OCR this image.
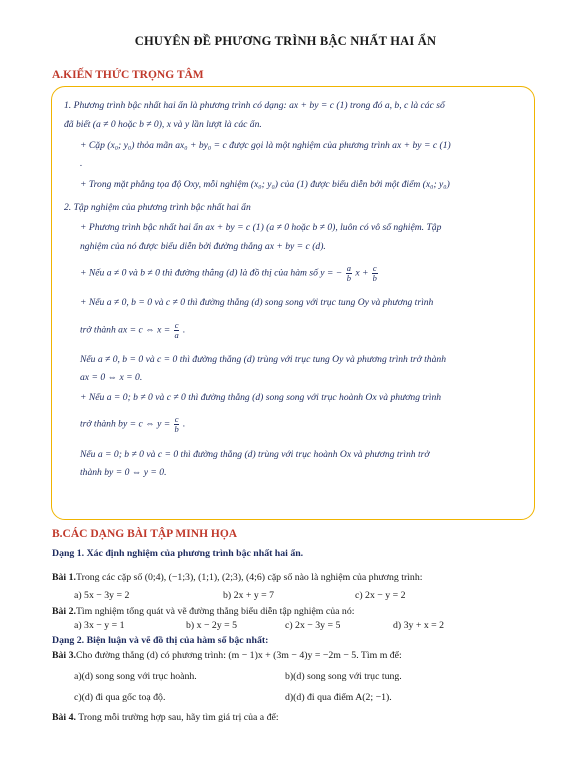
CHUYÊN ĐỀ PHƯƠNG TRÌNH BẬC NHẤT HAI ẨN
A.KIẾN THỨC TRỌNG TÂM
1. Phương trình bậc nhất hai ẩn là phương trình có dạng: ax + by = c (1) trong đó a, b, c là các số
đã biết (a ≠ 0 hoặc b ≠ 0), x và y lần lượt là các ẩn.
+ Cặp (x₀; y₀) thỏa mãn ax₀ + by₀ = c được gọi là một nghiệm của phương trình ax + by = c (1)
.
+ Trong mặt phẳng tọa độ Oxy, mỗi nghiệm (x₀; y₀) của (1) được biểu diễn bởi một điểm (x₀; y₀)
2. Tập nghiệm của phương trình bậc nhất hai ẩn
+ Phương trình bậc nhất hai ẩn ax + by = c (1) (a ≠ 0 hoặc b ≠ 0), luôn có vô số nghiệm. Tập
nghiệm của nó được biểu diễn bởi đường thẳng ax + by = c (d).
+ Nếu a ≠ 0 và b ≠ 0 thì đường thẳng (d) là đồ thị của hàm số y = − $\frac{a}{b}$ $x + \frac{c}{b}$
+ Nếu a ≠ 0, b = 0 và c ≠ 0 thì đường thẳng (d) song song với trục tung Oy và phương trình
trở thành ax = c ⇔ $x = \frac{c}{a}$ .
Nếu a ≠ 0, b = 0 và c = 0 thì đường thẳng (d) trùng với trục tung Oy và phương trình trở thành
ax = 0 ⇔ x = 0.
+ Nếu a = 0; b ≠ 0 và c ≠ 0 thì đường thẳng (d) song song với trục hoành Ox và phương trình
trở thành by = c ⇔ $y = \frac{c}{b}$ .
Nếu a = 0; b ≠ 0 và c = 0 thì đường thẳng (d) trùng với trục hoành Ox và phương trình trở
thành by = 0 ⇔ y = 0.
B.CÁC DẠNG BÀI TẬP MINH HỌA
Dạng 1. Xác định nghiệm của phương trình bậc nhất hai ẩn.
Bài 1.Trong các cặp số (0;4), (−1;3), (1;1), (2;3), (4;6) cặp số nào là nghiệm của phương trình:
a) 5x − 3y = 2	b) 2x + y = 7	c) 2x − y = 2
Bài 2.Tìm nghiệm tổng quát và vẽ đường thẳng biểu diễn tập nghiệm của nó:
a) 3x − y = 1	b) x − 2y = 5	c) 2x − 3y = 5	d) 3y + x = 2
Dạng 2. Biện luận và vẽ đồ thị của hàm số bậc nhất:
Bài 3.Cho đường thẳng (d) có phương trình: (m − 1)x + (3m − 4)y = −2m − 5. Tìm m để:
a)(d) song song với trục hoành.	b)(d) song song với trục tung.
c)(d) đi qua gốc toạ độ.	d)(d) đi qua điểm A(2; −1).
Bài 4. Trong mỗi trường hợp sau, hãy tìm giá trị của a để:
